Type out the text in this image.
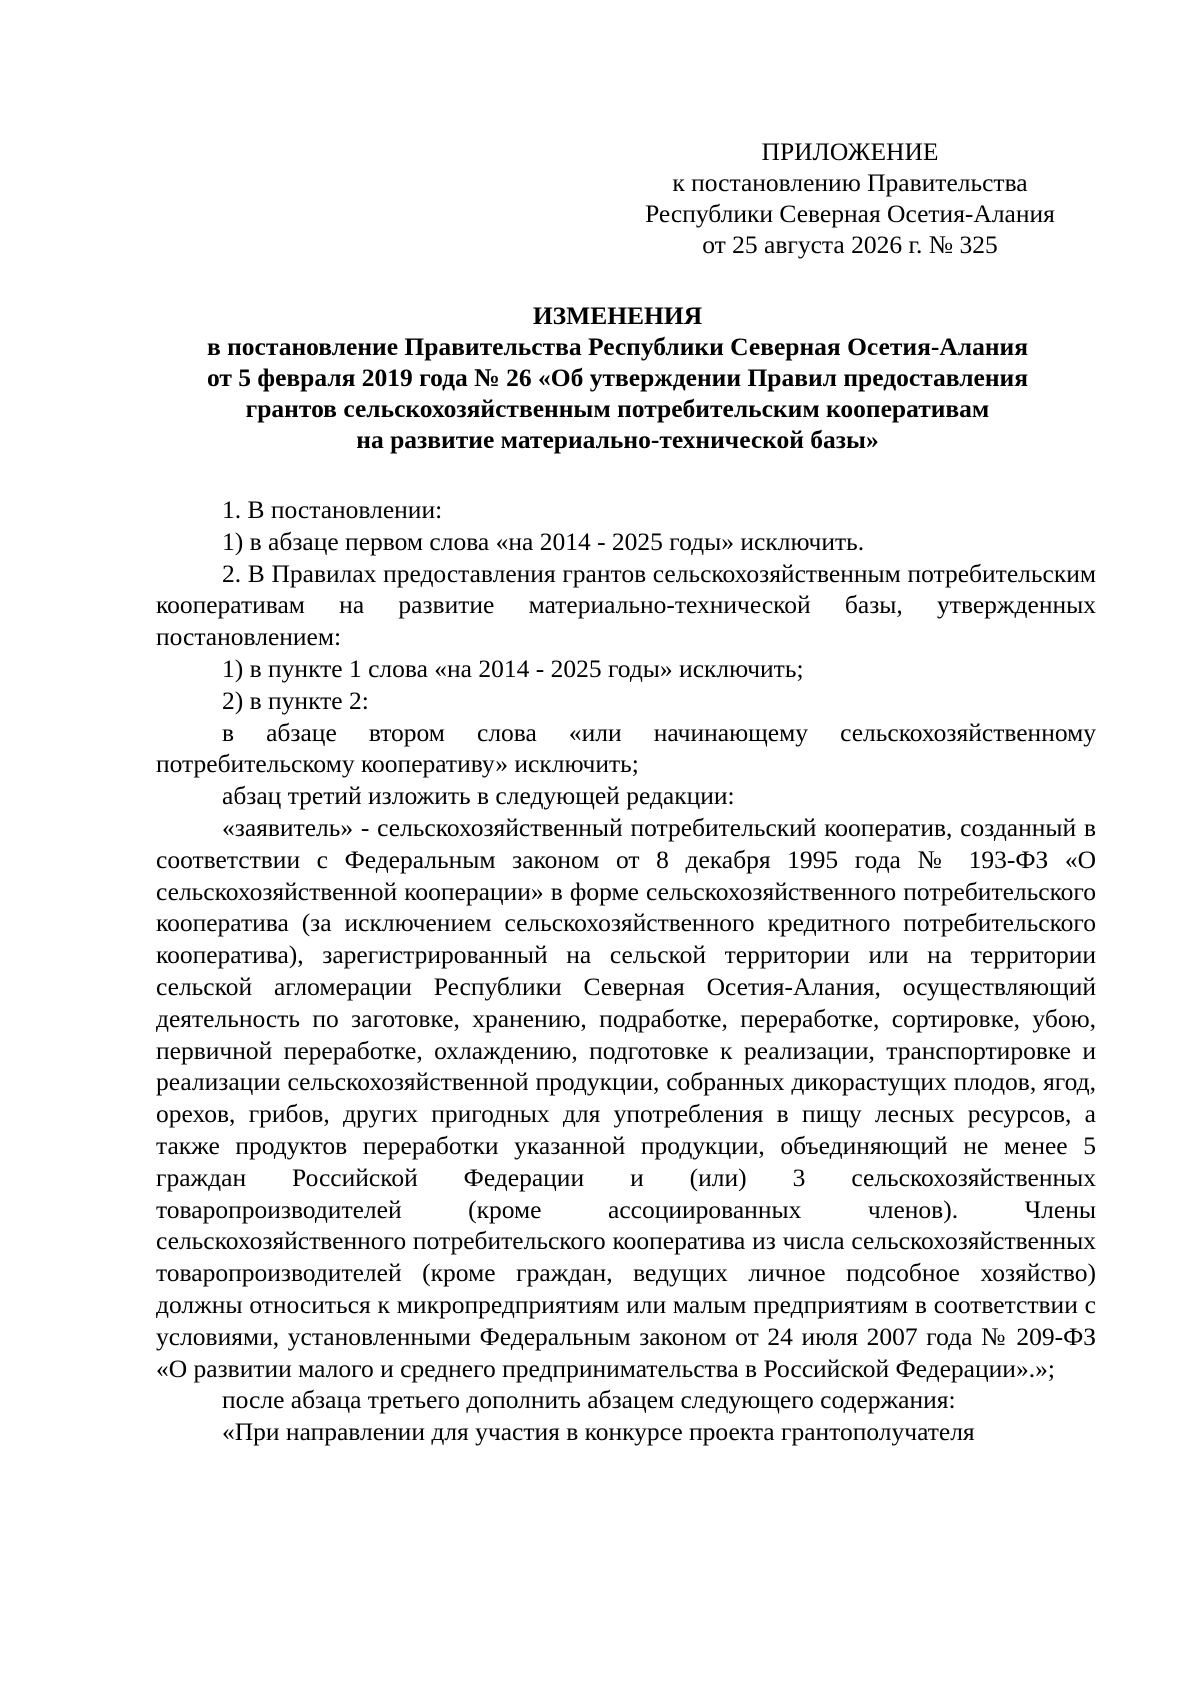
ПРИЛОЖЕНИЕ
к постановлению Правительства
Республики Северная Осетия-Алания
от 25 августа 2026 г. № 325
ИЗМЕНЕНИЯ
в постановление Правительства Республики Северная Осетия-Алания
от 5 февраля 2019 года № 26 «Об утверждении Правил предоставления
грантов сельскохозяйственным потребительским кооперативам
на развитие материально-технической базы»

1. В постановлении:

1) в абзаце первом слова «на 2014 - 2025 годы» исключить.

2. В Правилах предоставления грантов сельскохозяйственным потребительским кооперативам на развитие материально-технической базы, утвержденных постановлением:

1) в пункте 1 слова «на 2014 - 2025 годы» исключить;

2) в пункте 2:

в абзаце втором слова «или начинающему сельскохозяйственному потребительскому кооперативу» исключить;

абзац третий изложить в следующей редакции:

«заявитель» - сельскохозяйственный потребительский кооператив, созданный в соответствии с Федеральным законом от 8 декабря 1995 года № 193-ФЗ «О сельскохозяйственной кооперации» в форме сельскохозяйственного потребительского кооператива (за исключением сельскохозяйственного кредитного потребительского кооператива), зарегистрированный на сельской территории или на территории сельской агломерации Республики Северная Осетия-Алания, осуществляющий деятельность по заготовке, хранению, подработке, переработке, сортировке, убою, первичной переработке, охлаждению, подготовке к реализации, транспортировке и реализации сельскохозяйственной продукции, собранных дикорастущих плодов, ягод, орехов, грибов, других пригодных для употребления в пищу лесных ресурсов, а также продуктов переработки указанной продукции, объединяющий не менее 5 граждан Российской Федерации и (или) 3 сельскохозяйственных товаропроизводителей (кроме ассоциированных членов). Члены сельскохозяйственного потребительского кооператива из числа сельскохозяйственных товаропроизводителей (кроме граждан, ведущих личное подсобное хозяйство) должны относиться к микропредприятиям или малым предприятиям в соответствии с условиями, установленными Федеральным законом от 24 июля 2007 года № 209-ФЗ «О развитии малого и среднего предпринимательства в Российской Федерации».»;

после абзаца третьего дополнить абзацем следующего содержания:

«При направлении для участия в конкурсе проекта грантополучателя
